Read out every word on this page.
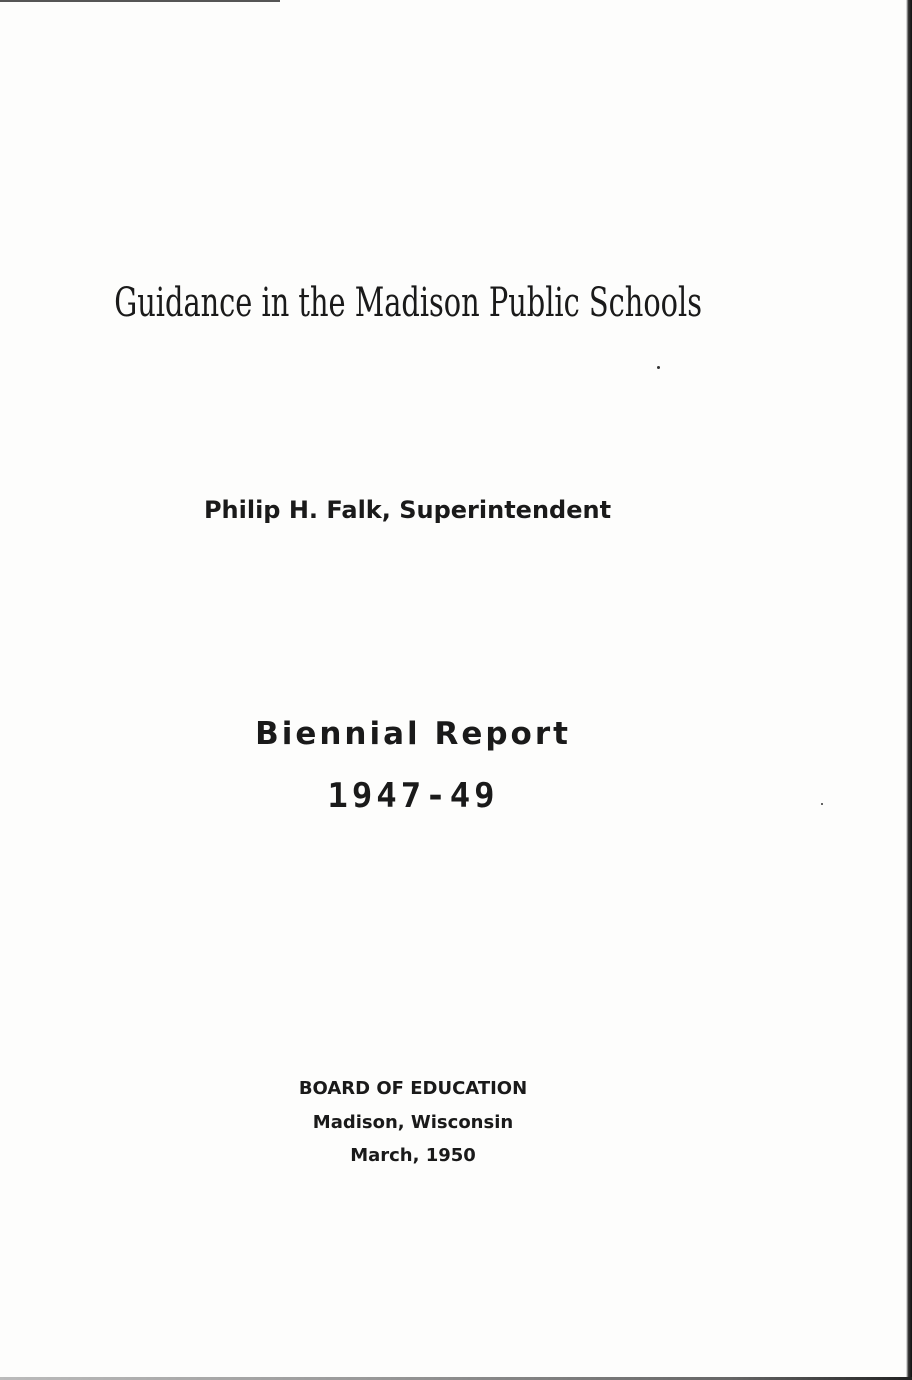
Guidance in the Madison Public Schools
Philip H. Falk, Superintendent
Biennial Report
1947-49
BOARD OF EDUCATION
Madison, Wisconsin
March, 1950
